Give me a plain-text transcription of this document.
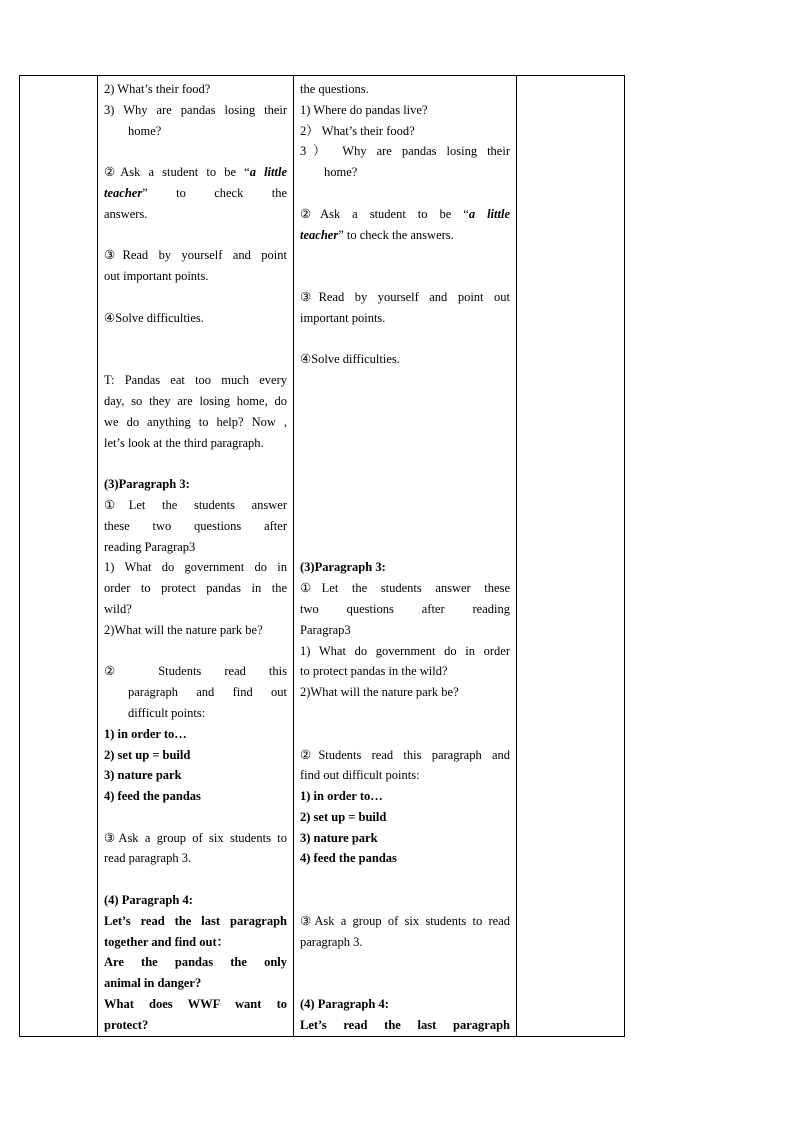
2) What’s their food?
3) Why are pandas losing their
home?
②Ask a student to be “a little
teacher” to check the
answers.
③Read by yourself and point
out important points.
④Solve difficulties.
T: Pandas eat too much every
day, so they are losing home, do
we do anything to help? Now ,
let’s look at the third paragraph.
(3)Paragraph 3:
①Let the students answer
these two questions after
reading Paragrap3
1) What do government do in
order to protect pandas in the
wild?
2)What will the nature park be?
② Students read this
paragraph and find out
difficult points:
1) in order to…
2) set up = build
3) nature park
4) feed the pandas
③Ask a group of six students to
read paragraph 3.
(4) Paragraph 4:
Let’s read the last paragraph
together and find out：
Are the pandas the only
animal in danger?
What does WWF want to
protect?

the questions.
1) Where do pandas live?
2） What’s their food?
3） Why are pandas losing their
home?
②Ask a student to be “a little
teacher” to check the answers.
③Read by yourself and point out
important points.
④Solve difficulties.
(3)Paragraph 3:
①Let the students answer these
two questions after reading
Paragrap3
1) What do government do in order
to protect pandas in the wild?
2)What will the nature park be?
②Students read this paragraph and
find out difficult points:
1) in order to…
2) set up = build
3) nature park
4) feed the pandas
③Ask a group of six students to read
paragraph 3.
(4) Paragraph 4:
Let’s read the last paragraph
